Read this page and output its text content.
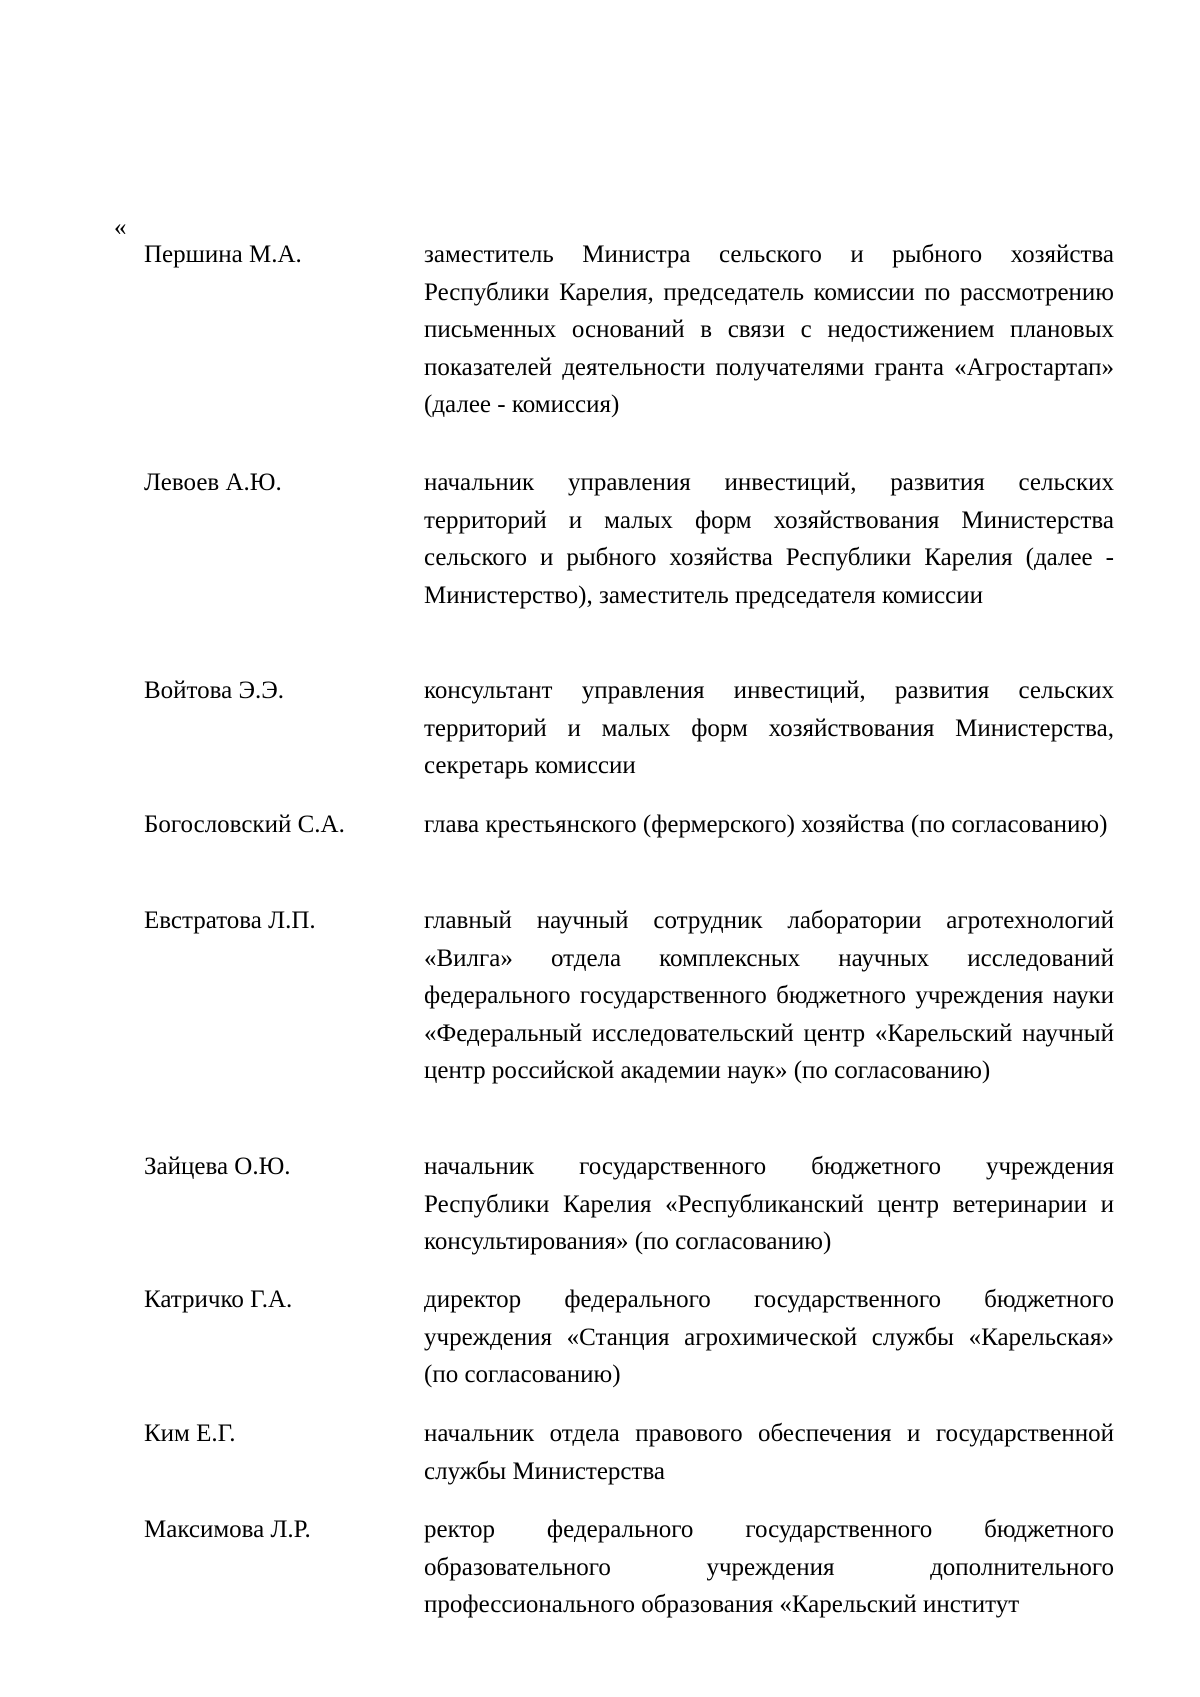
«
Першина М.А.	заместитель Министра сельского и рыбного хозяйства Республики Карелия, председатель комиссии по рассмотрению письменных оснований в связи с недостижением плановых показателей деятельности получателями гранта «Агростартап» (далее - комиссия)
Левоев А.Ю.	начальник управления инвестиций, развития сельских территорий и малых форм хозяйствования Министерства сельского и рыбного хозяйства Республики Карелия (далее - Министерство), заместитель председателя комиссии
Войтова Э.Э.	консультант управления инвестиций, развития сельских территорий и малых форм хозяйствования Министерства, секретарь комиссии
Богословский С.А.	глава крестьянского (фермерского) хозяйства (по согласованию)
Евстратова Л.П.	главный научный сотрудник лаборатории агротехнологий «Вилга» отдела комплексных научных исследований федерального государственного бюджетного учреждения науки «Федеральный исследовательский центр «Карельский научный центр российской академии наук» (по согласованию)
Зайцева О.Ю.	начальник государственного бюджетного учреждения Республики Карелия «Республиканский центр ветеринарии и консультирования» (по согласованию)
Катричко Г.А.	директор федерального государственного бюджетного учреждения «Станция агрохимической службы «Карельская» (по согласованию)
Ким Е.Г.	начальник отдела правового обеспечения и государственной службы Министерства
Максимова Л.Р.	ректор федерального государственного бюджетного образовательного учреждения дополнительного профессионального образования «Карельский институт
